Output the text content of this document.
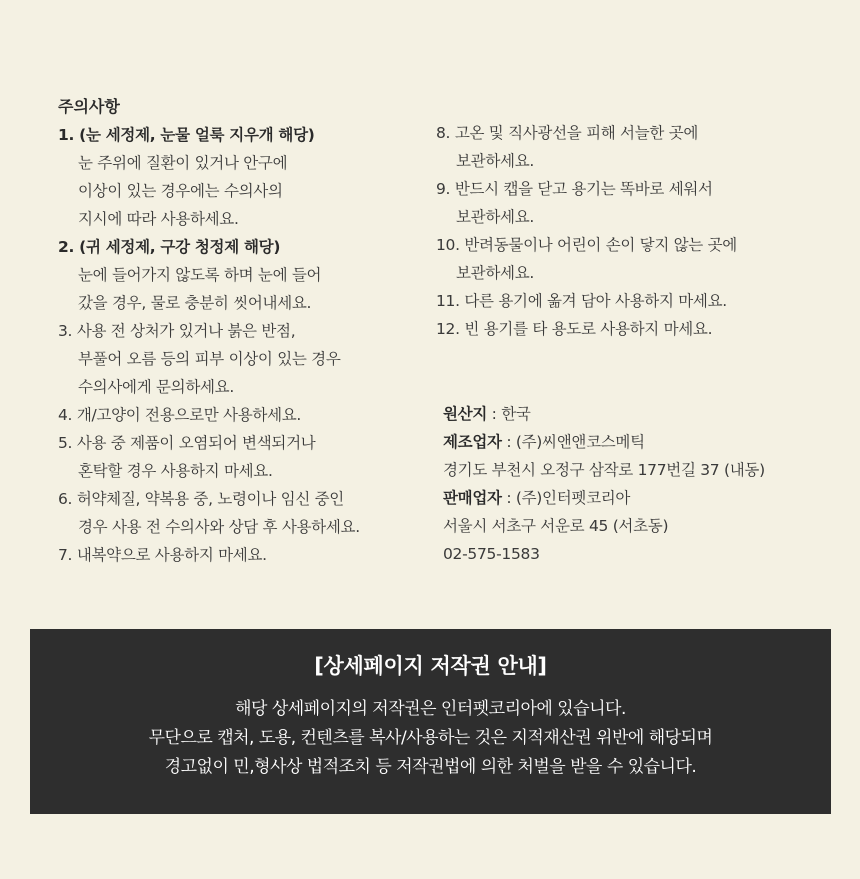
주의사항
1. (눈 세정제, 눈물 얼룩 지우개 해당)
눈 주위에 질환이 있거나 안구에
이상이 있는 경우에는 수의사의
지시에 따라 사용하세요.
2. (귀 세정제, 구강 청정제 해당)
눈에 들어가지 않도록 하며 눈에 들어
갔을 경우, 물로 충분히 씻어내세요.
3. 사용 전 상처가 있거나 붉은 반점,
부풀어 오름 등의 피부 이상이 있는 경우
수의사에게 문의하세요.
4. 개/고양이 전용으로만 사용하세요.
5. 사용 중 제품이 오염되어 변색되거나
혼탁할 경우 사용하지 마세요.
6. 허약체질, 약복용 중, 노령이나 임신 중인
경우 사용 전 수의사와 상담 후 사용하세요.
7. 내복약으로 사용하지 마세요.
8. 고온 및 직사광선을 피해 서늘한 곳에
보관하세요.
9. 반드시 캡을 닫고 용기는 똑바로 세워서
보관하세요.
10. 반려동물이나 어린이 손이 닿지 않는 곳에
보관하세요.
11. 다른 용기에 옮겨 담아 사용하지 마세요.
12. 빈 용기를 타 용도로 사용하지 마세요.
원산지 : 한국
제조업자 : (주)씨앤앤코스메틱
경기도 부천시 오정구 삼작로 177번길 37 (내동)
판매업자 : (주)인터펫코리아
서울시 서초구 서운로 45 (서초동)
02-575-1583
[상세페이지 저작권 안내]
해당 상세페이지의 저작권은 인터펫코리아에 있습니다.
무단으로 캡처, 도용, 컨텐츠를 복사/사용하는 것은 지적재산권 위반에 해당되며
경고없이 민,형사상 법적조치 등 저작권법에 의한 처벌을 받을 수 있습니다.
